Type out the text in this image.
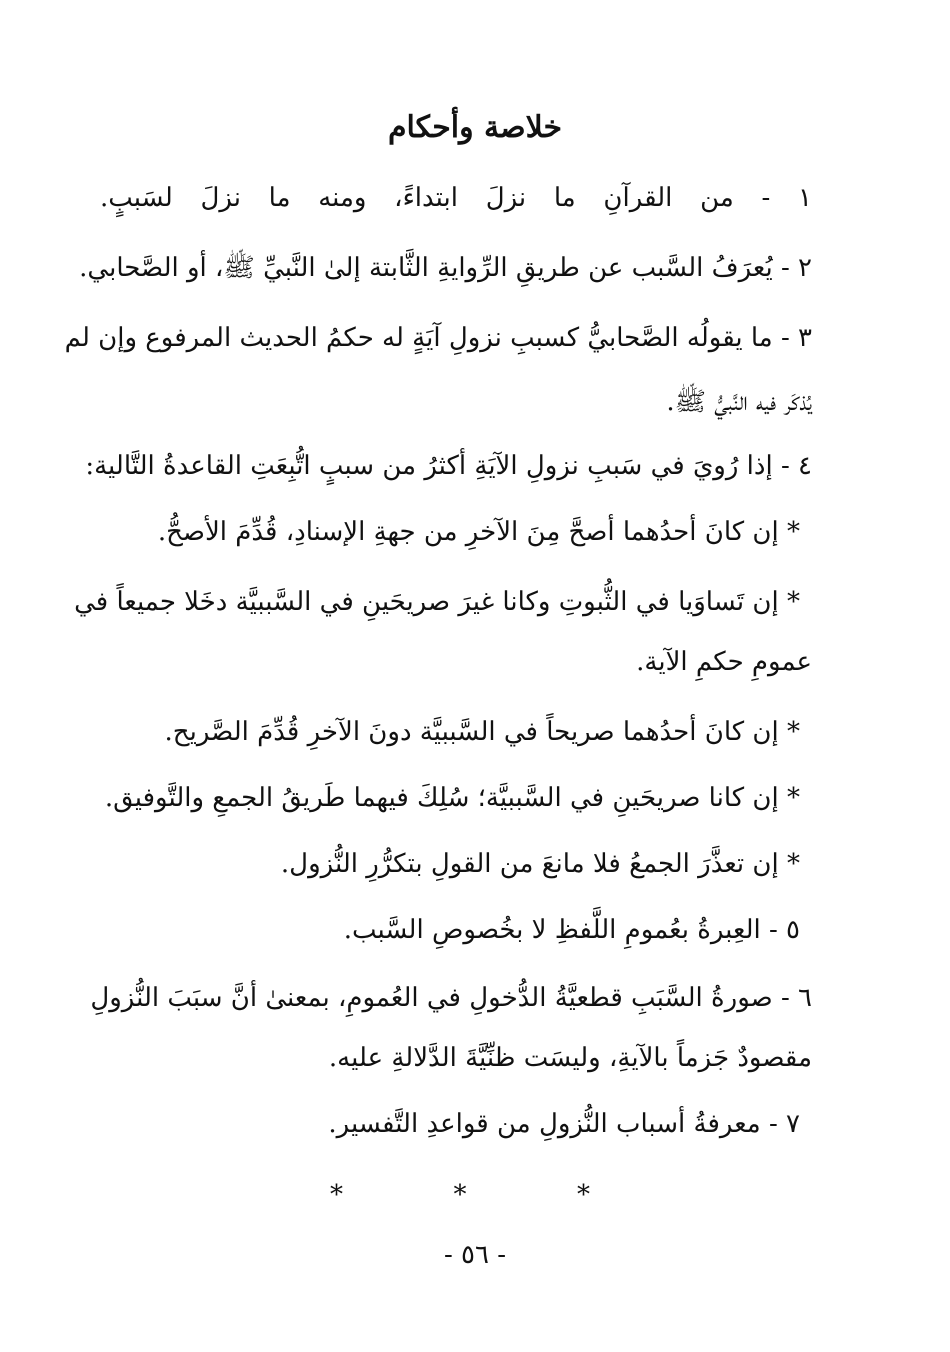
خلاصة وأحكام

١ - من القرآنِ ما نزلَ ابتداءً، ومنه ما نزلَ لسَببٍ.

٢ - يُعرَفُ السَّبب عن طريقِ الرِّوايةِ الثَّابتة إلىٰ النَّبيِّ ﷺ، أو الصَّحابي.

٣ - ما يقولُه الصَّحابيُّ كسببِ نزولِ آيَةٍ له حكمُ الحديث المرفوع وإن لم

يُذكَر فيه النَّبيُّ ﷺ.

٤ - إذا رُويَ في سَببِ نزولِ الآيَةِ أكثرُ من سببٍ اتُّبِعَتِ القاعدةُ التَّالية:

* إن كانَ أحدُهما أصحَّ مِنَ الآخرِ من جهةِ الإسنادِ، قُدِّمَ الأصحُّ.

* إن تَساوَيا في الثُّبوتِ وكانا غيرَ صريحَينِ في السَّببيَّة دخَلا جميعاً في

عمومِ حكمِ الآية.

* إن كانَ أحدُهما صريحاً في السَّببيَّة دونَ الآخرِ قُدِّمَ الصَّريح.

* إن كانا صريحَينِ في السَّببيَّة؛ سُلِكَ فيهما طَريقُ الجمعِ والتَّوفيق.

* إن تعذَّرَ الجمعُ فلا مانعَ من القولِ بتكرُّرِ النُّزول.

٥ - العِبرةُ بعُمومِ اللَّفظِ لا بخُصوصِ السَّبب.

٦ - صورةُ السَّبَبِ قطعيَّةُ الدُّخولِ في العُمومِ، بمعنىٰ أنَّ سبَبَ النُّزولِ

مقصودٌ جَزماً بالآيةِ، وليسَت ظنِّيَّةَ الدَّلالةِ عليه.

٧ - معرفةُ أسباب النُّزولِ من قواعدِ التَّفسير.

*	*	*
- ٥٦ -
